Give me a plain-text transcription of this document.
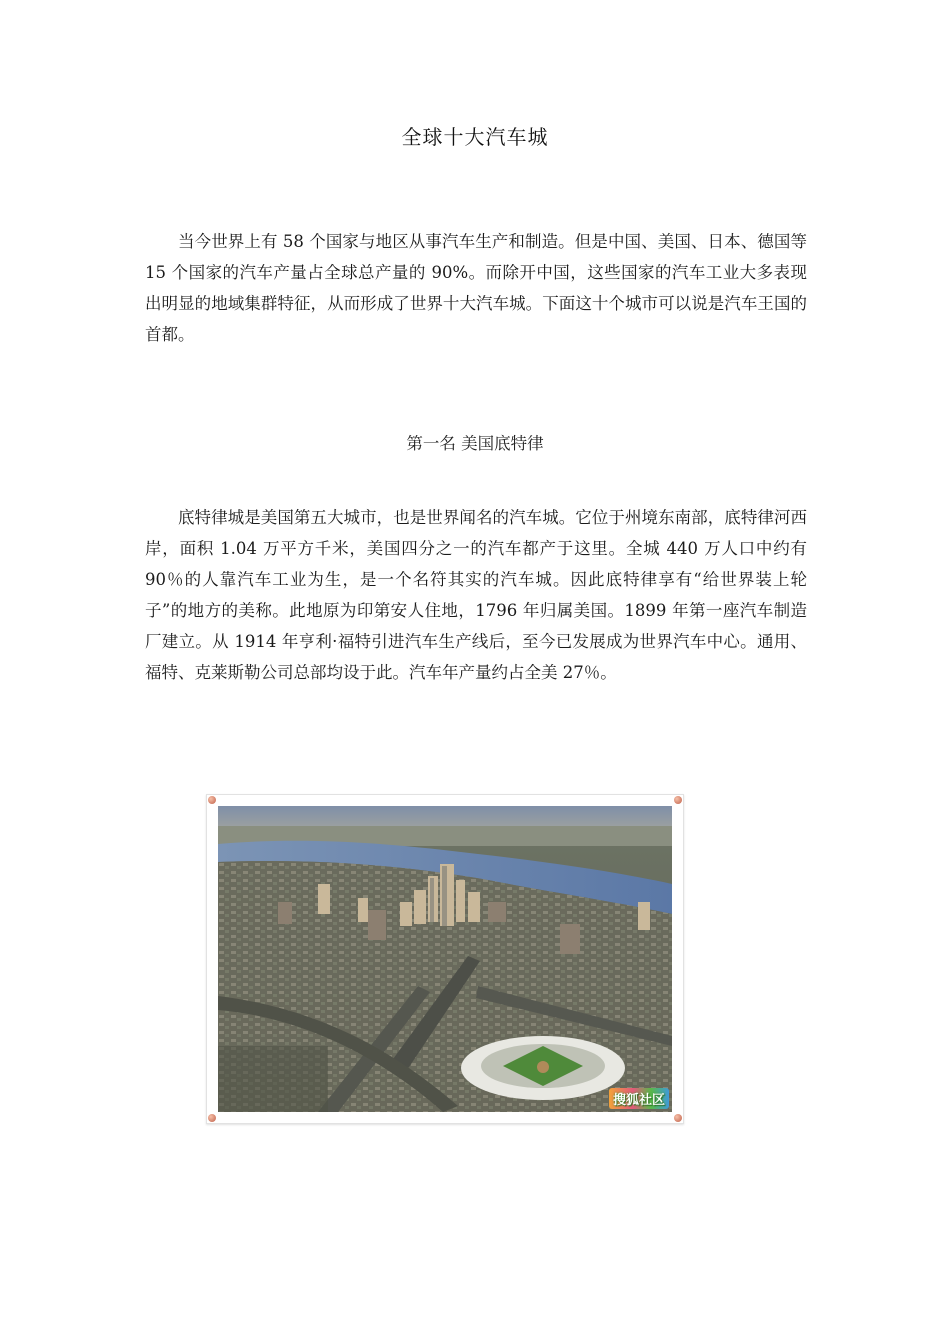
全球十大汽车城

当今世界上有 58 个国家与地区从事汽车生产和制造。但是中国、美国、日本、德国等 15 个国家的汽车产量占全球总产量的 90%。而除开中国，这些国家的汽车工业大多表现出明显的地域集群特征，从而形成了世界十大汽车城。下面这十个城市可以说是汽车王国的首都。

第一名 美国底特律

底特律城是美国第五大城市，也是世界闻名的汽车城。它位于州境东南部，底特律河西岸，面积 1.04 万平方千米，美国四分之一的汽车都产于这里。全城 440 万人口中约有 90％的人靠汽车工业为生，是一个名符其实的汽车城。因此底特律享有“给世界装上轮子”的地方的美称。此地原为印第安人住地，1796 年归属美国。1899 年第一座汽车制造厂建立。从 1914 年亨利·福特引进汽车生产线后，至今已发展成为世界汽车中心。通用、福特、克莱斯勒公司总部均设于此。汽车年产量约占全美 27％。

搜狐社区
